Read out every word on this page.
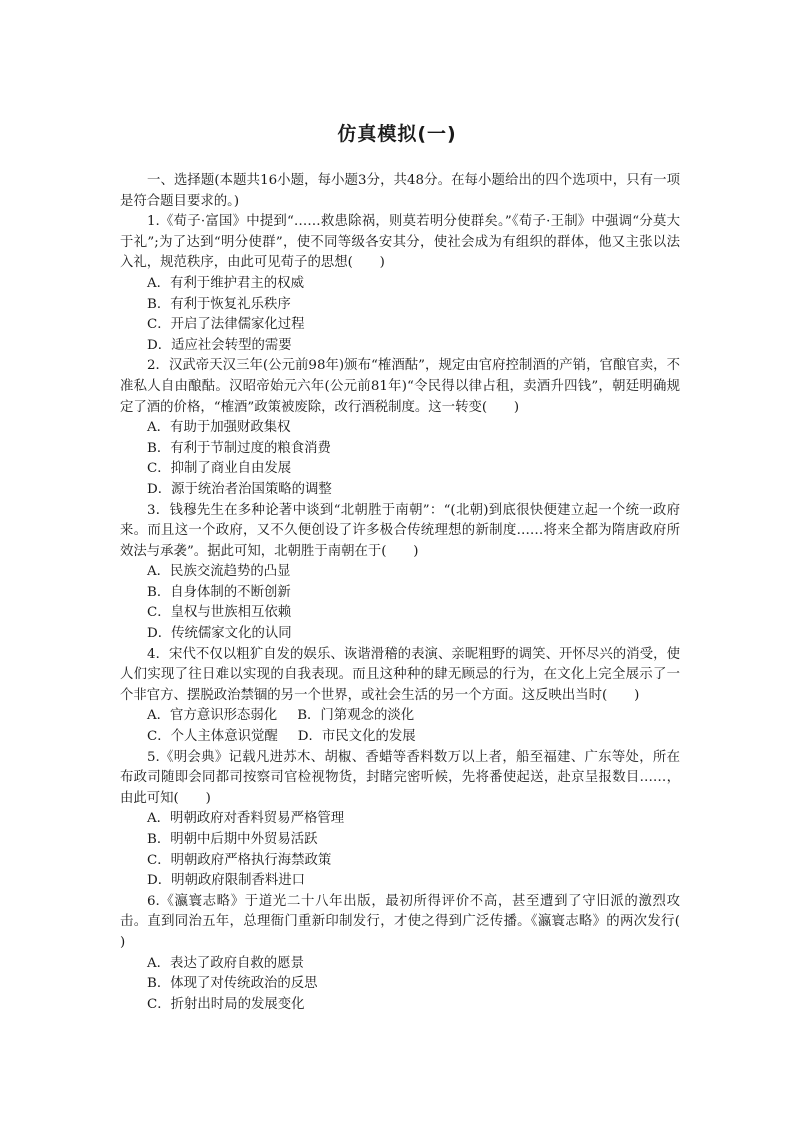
仿真模拟(一)

一、选择题(本题共16小题，每小题3分，共48分。在每小题给出的四个选项中，只有一项是符合题目要求的。)

1.《荀子·富国》中提到“……救患除祸，则莫若明分使群矣。”《荀子·王制》中强调“分莫大于礼”;为了达到“明分使群”，使不同等级各安其分，使社会成为有组织的群体，他又主张以法入礼，规范秩序，由此可见荀子的思想(　　)

A．有利于维护君主的权威

B．有利于恢复礼乐秩序

C．开启了法律儒家化过程

D．适应社会转型的需要

2．汉武帝天汉三年(公元前98年)颁布“榷酒酤”，规定由官府控制酒的产销，官酿官卖，不准私人自由酿酤。汉昭帝始元六年(公元前81年)“令民得以律占租，卖酒升四钱”，朝廷明确规定了酒的价格，“榷酒”政策被废除，改行酒税制度。这一转变(　　)

A．有助于加强财政集权

B．有利于节制过度的粮食消费

C．抑制了商业自由发展

D．源于统治者治国策略的调整

3．钱穆先生在多种论著中谈到“北朝胜于南朝”：“(北朝)到底很快便建立起一个统一政府来。而且这一个政府，又不久便创设了许多极合传统理想的新制度……将来全都为隋唐政府所效法与承袭”。据此可知，北朝胜于南朝在于(　　)

A．民族交流趋势的凸显

B．自身体制的不断创新

C．皇权与世族相互依赖

D．传统儒家文化的认同

4．宋代不仅以粗犷自发的娱乐、诙谐滑稽的表演、亲昵粗野的调笑、开怀尽兴的消受，使人们实现了往日难以实现的自我表现。而且这种种的肆无顾忌的行为，在文化上完全展示了一个非官方、摆脱政治禁锢的另一个世界，或社会生活的另一个方面。这反映出当时(　　)

A．官方意识形态弱化 B．门第观念的淡化

C．个人主体意识觉醒 D．市民文化的发展

5.《明会典》记载凡进苏木、胡椒、香蜡等香料数万以上者，船至福建、广东等处，所在布政司随即会同都司按察司官检视物货，封睹完密听候，先将番使起送，赴京呈报数目……，由此可知(　　)

A．明朝政府对香料贸易严格管理

B．明朝中后期中外贸易活跃

C．明朝政府严格执行海禁政策

D．明朝政府限制香料进口

6.《瀛寰志略》于道光二十八年出版，最初所得评价不高，甚至遭到了守旧派的激烈攻击。直到同治五年，总理衙门重新印制发行，才使之得到广泛传播。《瀛寰志略》的两次发行(　　)

A．表达了政府自救的愿景

B．体现了对传统政治的反思

C．折射出时局的发展变化
